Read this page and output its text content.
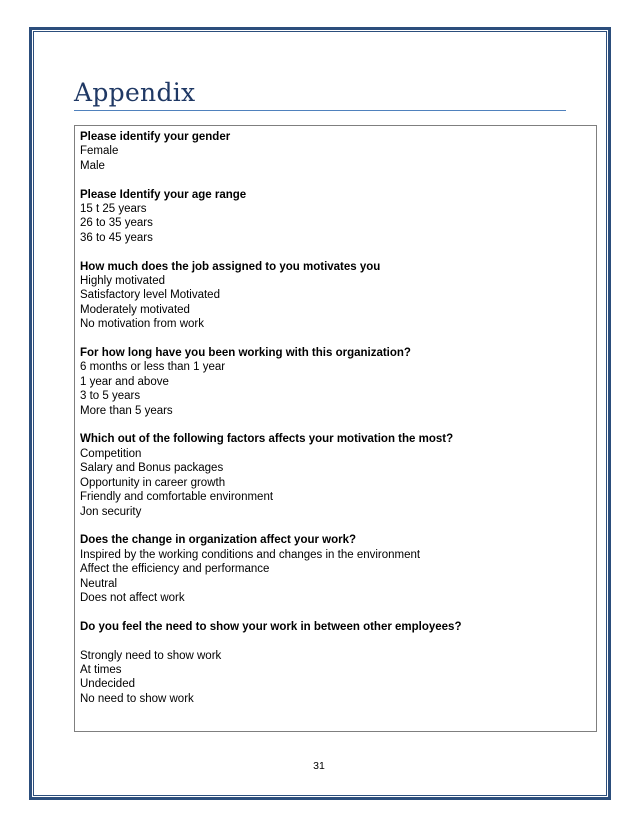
Appendix
Please identify your gender
Female
Male
Please Identify your age range
15 t 25 years
26 to 35 years
36 to 45 years
How much does the job assigned to you motivates you
Highly motivated
Satisfactory level Motivated
Moderately motivated
No motivation from work
For how long have you been working with this organization?
6 months or less than 1 year
1 year and above
3 to 5 years
More than 5 years
Which out of the following factors affects your motivation the most?
Competition
Salary and Bonus packages
Opportunity in career growth
Friendly and comfortable environment
Jon security
Does the change in organization affect your work?
Inspired by the working conditions and changes in the environment
Affect the efficiency and performance
Neutral
Does not affect work
Do you feel the need to show your work in between other employees?
Strongly need to show work
At times
Undecided
No need to show work
31
